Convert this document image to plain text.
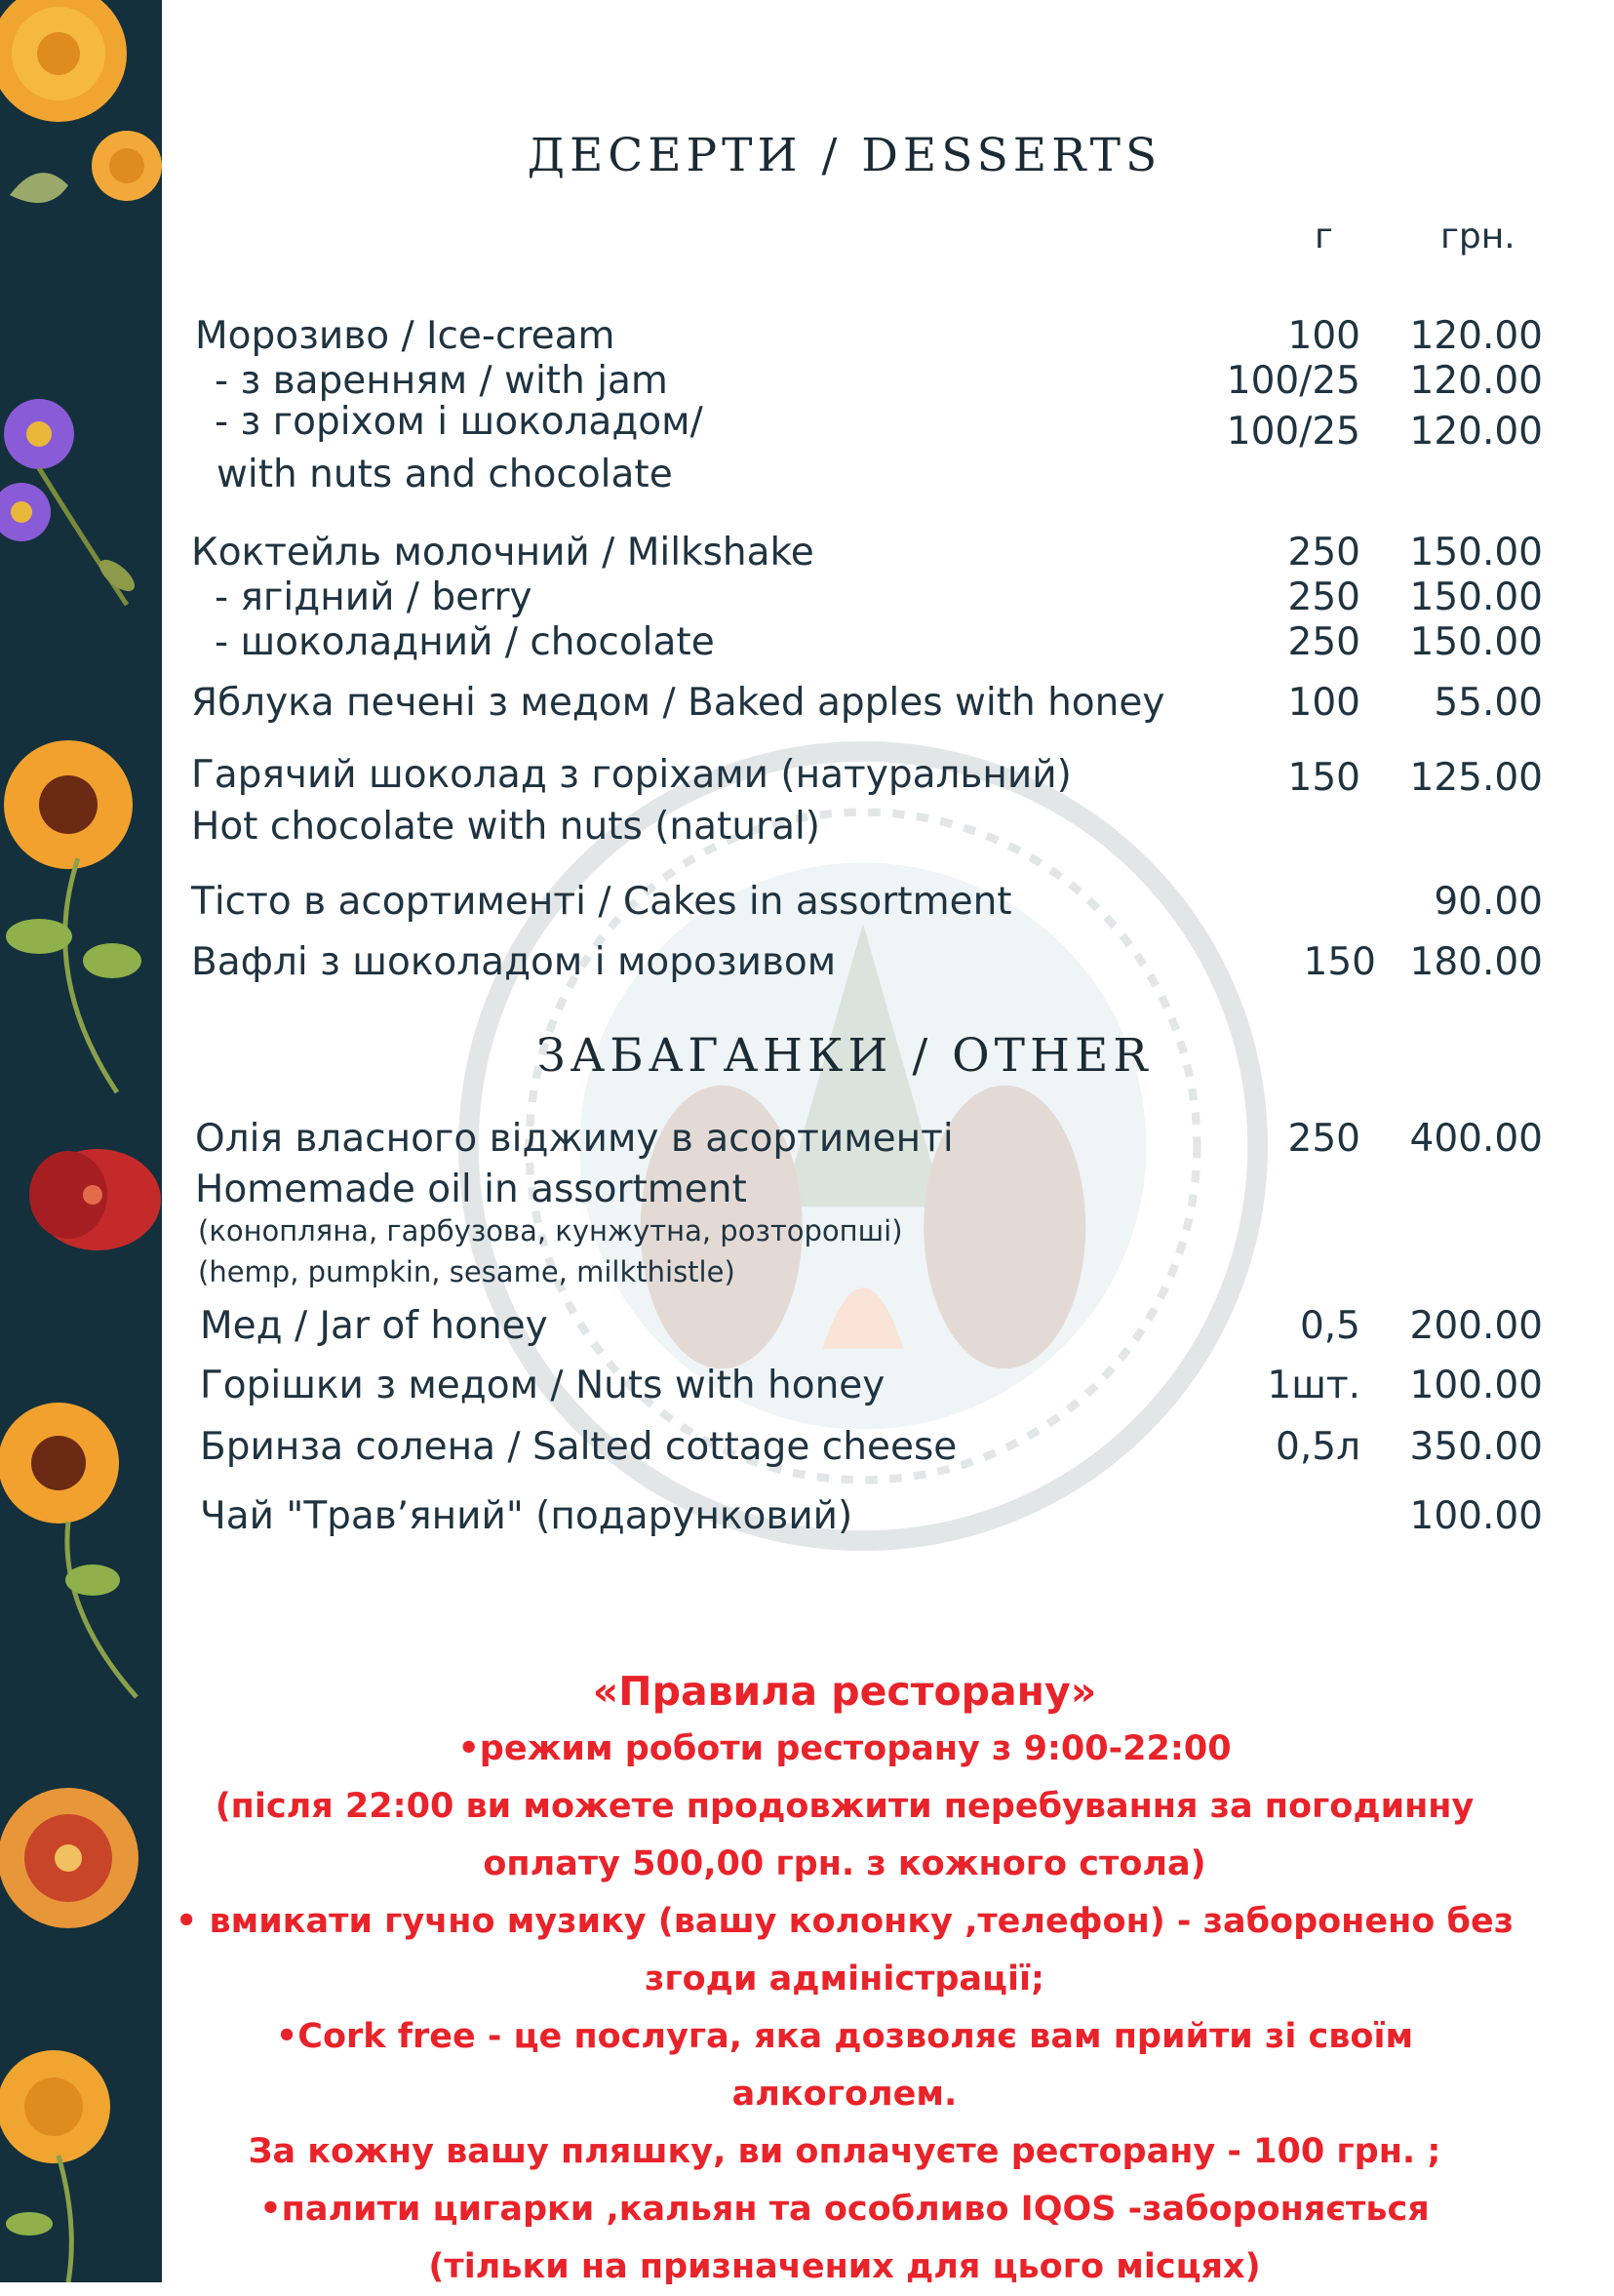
ДЕСЕРТИ / DESSERTS
г	грн.
Морозиво / Ice-cream	100	120.00
- з варенням / with jam	100/25	120.00
- з горіхом і шоколадом/	100/25	120.00
with nuts and chocolate
Коктейль молочний / Milkshake	250	150.00
- ягідний / berry	250	150.00
- шоколадний / chocolate	250	150.00
Яблука печені з медом / Baked apples with honey	100	55.00
Гарячий шоколад з горіхами (натуральний)	150	125.00
Hot chocolate with nuts (natural)
Тісто в асортименті / Cakes in assortment	90.00
Вафлі з шоколадом і морозивом	150 180.00
ЗАБАГАНКИ / OTHER
Олія власного віджиму в асортименті	250	400.00
Homemade oil in assortment
(конопляна, гарбузова, кунжутна, розторопші)
(hemp, pumpkin, sesame, milkthistle)
Мед / Jar of honey	0,5	200.00
Горішки з медом / Nuts with honey	1шт.	100.00
Бринза солена / Salted cottage cheese	0,5л	350.00
Чай "Трав’яний" (подарунковий)	100.00
«Правила ресторану»
•режим роботи ресторану з 9:00-22:00
(після 22:00 ви можете продовжити перебування за погодинну
оплату 500,00 грн. з кожного стола)
• вмикати гучно музику (вашу колонку ,телефон) - заборонено без
згоди адміністрації;
•Cork free - це послуга, яка дозволяє вам прийти зі своїм алкоголем.
За кожну вашу пляшку, ви оплачуєте ресторану - 100 грн. ;
•палити цигарки ,кальян та особливо IQOS -забороняється
(тільки на призначених для цього місцях)
